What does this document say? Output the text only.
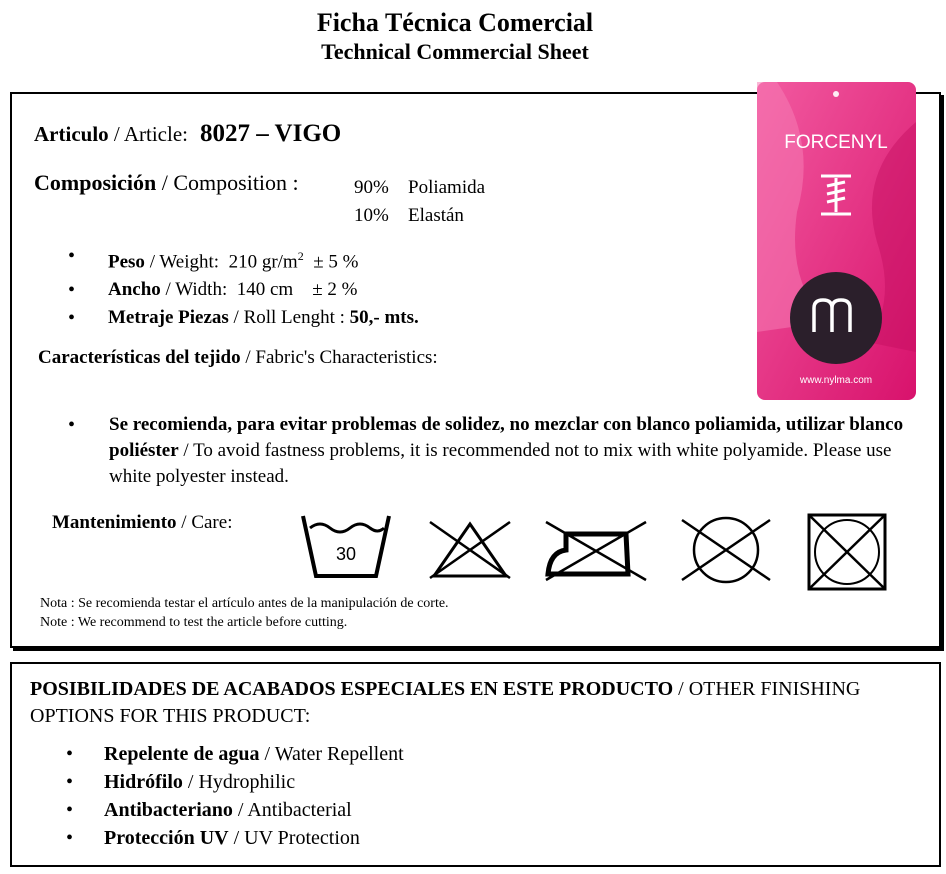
Ficha Técnica Comercial
Technical Commercial Sheet
Articulo / Article: 8027 – VIGO
Composición / Composition :	90% Poliamida
10% Elastán
•	Peso / Weight: 210 $gr/m^2 \pm 5$ %
•	Ancho / Width: 140 cm ± 2 %
•	Metraje Piezas / Roll Lenght : 50,- mts.
Características del tejido / Fabric's Characteristics:
• Se recomienda, para evitar problemas de solidez, no mezclar con blanco poliamida, utilizar blanco poliéster / To avoid fastness problems, it is recommended not to mix with white polyamide. Please use white polyester instead.
Mantenimiento / Care:
30
Nota : Se recomienda testar el artículo antes de la manipulación de corte.
Note : We recommend to test the article before cutting.
FORCENYL
www.nylma.com
POSIBILIDADES DE ACABADOS ESPECIALES EN ESTE PRODUCTO / OTHER FINISHING OPTIONS FOR THIS PRODUCT:
• Repelente de agua / Water Repellent
• Hidrófilo / Hydrophilic
• Antibacteriano / Antibacterial
• Protección UV / UV Protection
